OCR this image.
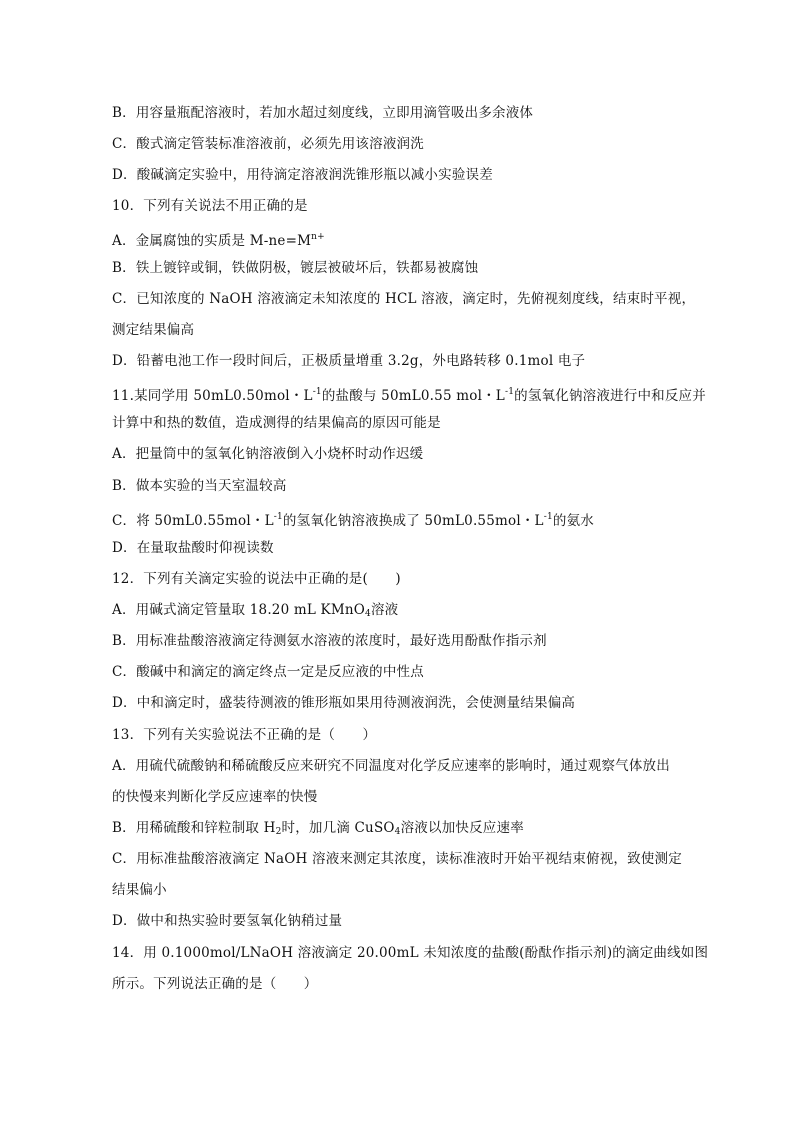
B．用容量瓶配溶液时，若加水超过刻度线，立即用滴管吸出多余液体
C．酸式滴定管装标准溶液前，必须先用该溶液润洗
D．酸碱滴定实验中，用待滴定溶液润洗锥形瓶以减小实验误差
10．下列有关说法不用正确的是
A．金属腐蚀的实质是 $M-ne=M^{n+}$
B．铁上镀锌或铜，铁做阴极，镀层被破坏后，铁都易被腐蚀
C．已知浓度的 NaOH 溶液滴定未知浓度的 HCL 溶液，滴定时，先俯视刻度线，结束时平视，
测定结果偏高
D．铅蓄电池工作一段时间后，正极质量增重 3.2g，外电路转移 0.1mol 电子
11.某同学用 50mL0.50mol・$L^{-1}$的盐酸与 50mL0.55 mol・$L^{-1}$的氢氧化钠溶液进行中和反应并
计算中和热的数值，造成测得的结果偏高的原因可能是
A．把量筒中的氢氧化钠溶液倒入小烧杯时动作迟缓
B．做本实验的当天室温较高
C．将 50mL0.55mol・$L^{-1}$的氢氧化钠溶液换成了 50mL0.55mol・$L^{-1}$的氨水
D．在量取盐酸时仰视读数
12．下列有关滴定实验的说法中正确的是(　　)
A．用碱式滴定管量取 18.20 mL KMnO$_4$溶液
B．用标准盐酸溶液滴定待测氨水溶液的浓度时，最好选用酚酞作指示剂
C．酸碱中和滴定的滴定终点一定是反应液的中性点
D．中和滴定时，盛装待测液的锥形瓶如果用待测液润洗，会使测量结果偏高
13．下列有关实验说法不正确的是（　　）
A．用硫代硫酸钠和稀硫酸反应来研究不同温度对化学反应速率的影响时，通过观察气体放出
的快慢来判断化学反应速率的快慢
B．用稀硫酸和锌粒制取 $H_2$时，加几滴 CuSO$_4$溶液以加快反应速率
C．用标准盐酸溶液滴定 NaOH 溶液来测定其浓度，读标准液时开始平视结束俯视，致使测定
结果偏小
D．做中和热实验时要氢氧化钠稍过量
14．用 0.1000mol/LNaOH 溶液滴定 20.00mL 未知浓度的盐酸(酚酞作指示剂)的滴定曲线如图
所示。下列说法正确的是（　　）
